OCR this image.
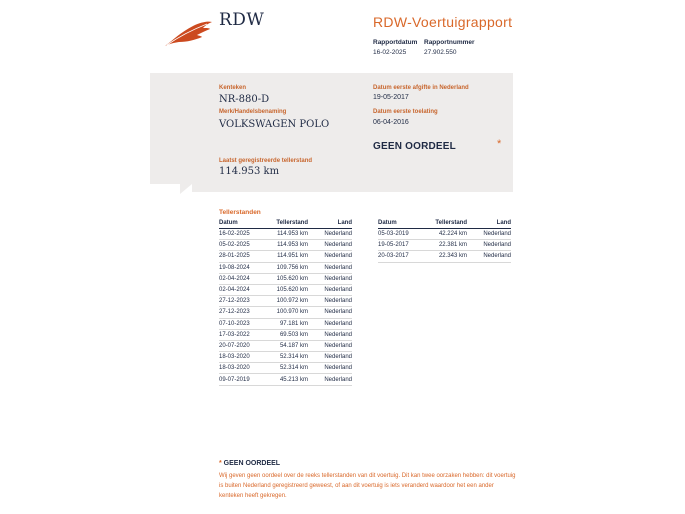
RDW	RDW-Voertuigrapport
Rapportdatum
16-02-2025
Rapportnummer
27.902.550
Kenteken
NR-880-D
Merk/Handelsbenaming
VOLKSWAGEN POLO
Datum eerste afgifte in Nederland
19-05-2017
Datum eerste toelating
06-04-2016
GEEN OORDEEL	*
Laatst geregistreerde tellerstand
114.953 km
Tellerstanden
Datum	Tellerstand	Land
16-02-2025	114.953 km	Nederland
05-02-2025	114.953 km	Nederland
28-01-2025	114.951 km	Nederland
19-08-2024	109.756 km	Nederland
02-04-2024	105.620 km	Nederland
02-04-2024	105.620 km	Nederland
27-12-2023	100.972 km	Nederland
27-12-2023	100.970 km	Nederland
07-10-2023	97.181 km	Nederland
17-03-2022	69.503 km	Nederland
20-07-2020	54.187 km	Nederland
18-03-2020	52.314 km	Nederland
18-03-2020	52.314 km	Nederland
09-07-2019	45.213 km	Nederland
Datum	Tellerstand	Land
05-03-2019	42.224 km	Nederland
19-05-2017	22.381 km	Nederland
20-03-2017	22.343 km	Nederland
* GEEN OORDEEL
Wij geven geen oordeel over de reeks tellerstanden van dit voertuig. Dit kan twee oorzaken hebben: dit voertuig is buiten Nederland geregistreerd geweest, of aan dit voertuig is iets veranderd waardoor het een ander kenteken heeft gekregen.
